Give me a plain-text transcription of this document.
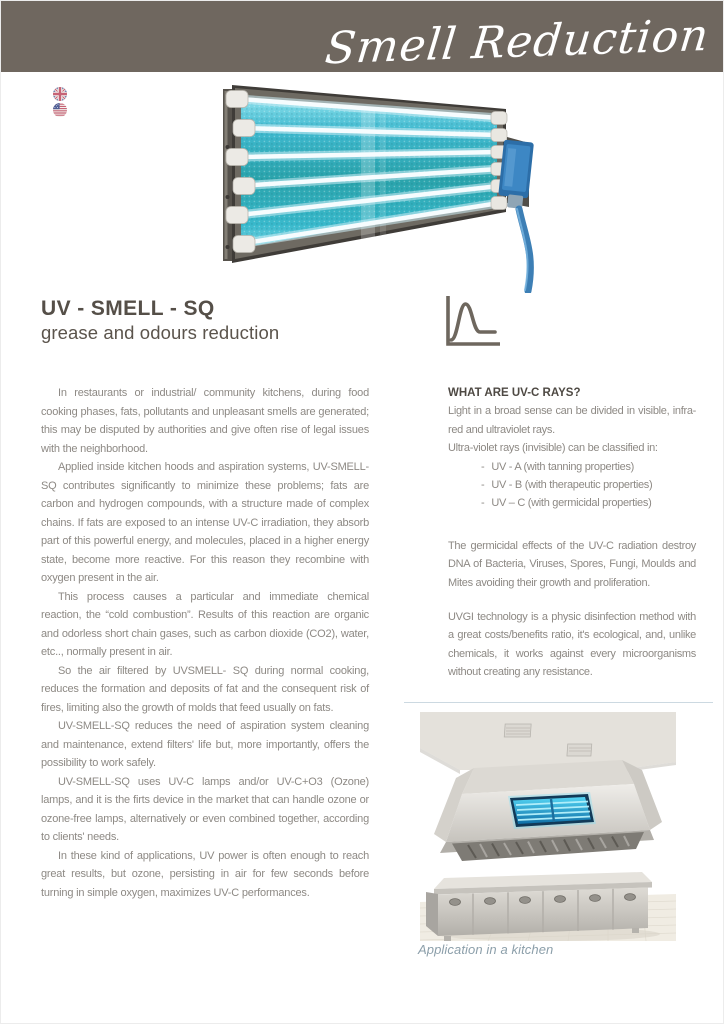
Smell Reduction
UV - SMELL - SQ
grease and odours reduction

In restaurants or industrial/ community kitchens, during food cooking phases, fats, pollutants and unpleasant smells are generated; this may be disputed by authorities and give often rise of legal issues with the neighborhood.

Applied inside kitchen hoods and aspiration systems, UV-SMELL-SQ contributes significantly to minimize these problems; fats are carbon and hydrogen compounds, with a structure made of complex chains. If fats are exposed to an intense UV-C irradiation, they absorb part of this powerful energy, and molecules, placed in a higher energy state, become more reactive. For this reason they recombine with oxygen present in the air.

This process causes a particular and immediate chemical reaction, the “cold combustion”. Results of this reaction are organic and odorless short chain gases, such as carbon dioxide (CO2), water, etc.., normally present in air.

So the air filtered by UVSMELL- SQ during normal cooking, reduces the formation and deposits of fat and the consequent risk of fires, limiting also the growth of molds that feed usually on fats.

UV-SMELL-SQ reduces the need of aspiration system cleaning and maintenance, extend filters' life but, more importantly, offers the possibility to work safely.

UV-SMELL-SQ uses UV-C lamps and/or UV-C+O3 (Ozone) lamps, and it is the firts device in the market that can handle ozone or ozone-free lamps, alternatively or even combined together, according to clients' needs.

In these kind of applications, UV power is often enough to reach great results, but ozone, persisting in air for few seconds before turning in simple oxygen, maximizes UV-C performances.

WHAT ARE UV-C RAYS?

Light in a broad sense can be divided in visible, infra-red and ultraviolet rays.

Ultra-violet rays (invisible) can be classified in:

- UV - A (with tanning properties)
- UV - B (with therapeutic properties)
- UV – C (with germicidal properties)

The germicidal effects of the UV-C radiation destroy DNA of Bacteria, Viruses, Spores, Fungi, Moulds and Mites avoiding their growth and proliferation.

UVGI technology is a physic disinfection method with a great costs/benefits ratio, it's ecological, and, unlike chemicals, it works against every microorganisms without creating any resistance.

Application in a kitchen
